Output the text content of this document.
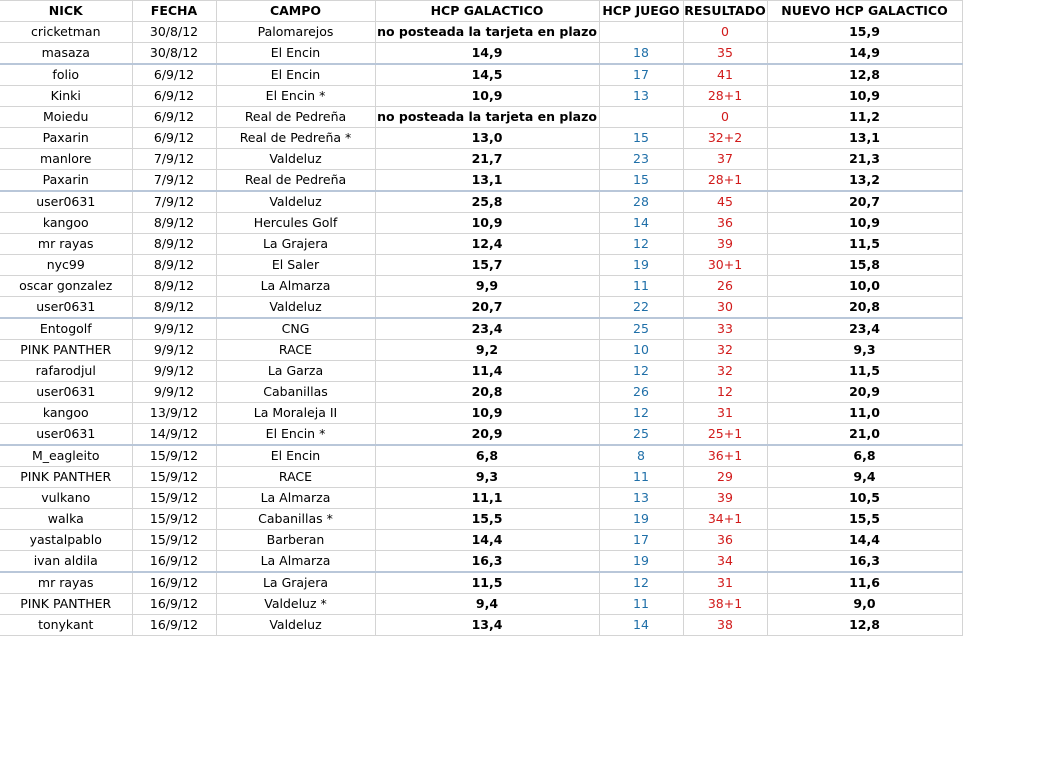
NICK	FECHA	CAMPO	HCP GALACTICO	HCP JUEGO	RESULTADO	NUEVO HCP GALACTICO
cricketman	30/8/12	Palomarejos	no posteada la tarjeta en plazo		0	15,9
masaza	30/8/12	El Encin	14,9	18	35	14,9
folio	6/9/12	El Encin	14,5	17	41	12,8
Kinki	6/9/12	El Encin *	10,9	13	28+1	10,9
Moiedu	6/9/12	Real de Pedreña	no posteada la tarjeta en plazo		0	11,2
Paxarin	6/9/12	Real de Pedreña *	13,0	15	32+2	13,1
manlore	7/9/12	Valdeluz	21,7	23	37	21,3
Paxarin	7/9/12	Real de Pedreña	13,1	15	28+1	13,2
user0631	7/9/12	Valdeluz	25,8	28	45	20,7
kangoo	8/9/12	Hercules Golf	10,9	14	36	10,9
mr rayas	8/9/12	La Grajera	12,4	12	39	11,5
nyc99	8/9/12	El Saler	15,7	19	30+1	15,8
oscar gonzalez	8/9/12	La Almarza	9,9	11	26	10,0
user0631	8/9/12	Valdeluz	20,7	22	30	20,8
Entogolf	9/9/12	CNG	23,4	25	33	23,4
PINK PANTHER	9/9/12	RACE	9,2	10	32	9,3
rafarodjul	9/9/12	La Garza	11,4	12	32	11,5
user0631	9/9/12	Cabanillas	20,8	26	12	20,9
kangoo	13/9/12	La Moraleja II	10,9	12	31	11,0
user0631	14/9/12	El Encin *	20,9	25	25+1	21,0
M_eagleito	15/9/12	El Encin	6,8	8	36+1	6,8
PINK PANTHER	15/9/12	RACE	9,3	11	29	9,4
vulkano	15/9/12	La Almarza	11,1	13	39	10,5
walka	15/9/12	Cabanillas *	15,5	19	34+1	15,5
yastalpablo	15/9/12	Barberan	14,4	17	36	14,4
ivan aldila	16/9/12	La Almarza	16,3	19	34	16,3
mr rayas	16/9/12	La Grajera	11,5	12	31	11,6
PINK PANTHER	16/9/12	Valdeluz *	9,4	11	38+1	9,0
tonykant	16/9/12	Valdeluz	13,4	14	38	12,8
